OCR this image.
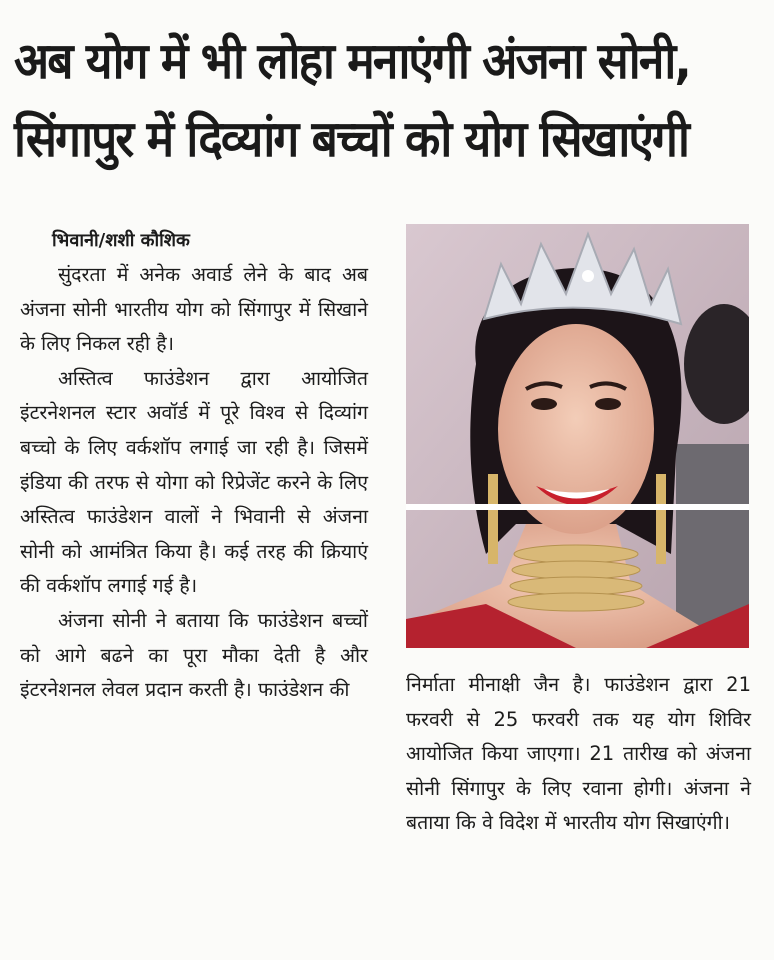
अब योग में भी लोहा मनाएंगी अंजना सोनी,
सिंगापुर में दिव्यांग बच्चों को योग सिखाएंगी
भिवानी/शशी कौशिक

सुंदरता में अनेक अवार्ड लेने के बाद अब अंजना सोनी भारतीय योग को सिंगापुर में सिखाने के लिए निकल रही है।

अस्तित्व फाउंडेशन द्वारा आयोजित इंटरनेशनल स्टार अवॉर्ड में पूरे विश्व से दिव्यांग बच्चो के लिए वर्कशॉप लगाई जा रही है। जिसमें इंडिया की तरफ से योगा को रिप्रेजेंट करने के लिए अस्तित्व फाउंडेशन वालों ने भिवानी से अंजना सोनी को आमंत्रित किया है। कई तरह की क्रियाएं की वर्कशॉप लगाई गई है।

अंजना सोनी ने बताया कि फाउंडेशन बच्चों को आगे बढने का पूरा मौका देती है और इंटरनेशनल लेवल प्रदान करती है। फाउंडेशन की	निर्माता मीनाक्षी जैन है। फाउंडेशन द्वारा 21 फरवरी से 25 फरवरी तक यह योग शिविर आयोजित किया जाएगा। 21 तारीख को अंजना सोनी सिंगापुर के लिए रवाना होगी। अंजना ने बताया कि वे विदेश में भारतीय योग सिखाएंगी।
